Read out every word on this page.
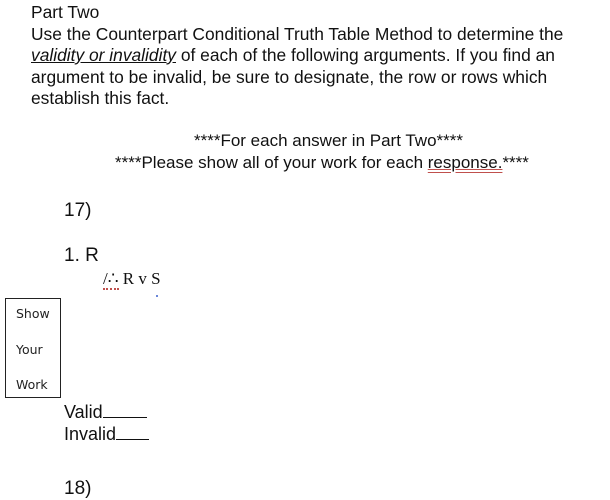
Part Two
Use the Counterpart Conditional Truth Table Method to determine the
validity or invalidity of each of the following arguments. If you find an
argument to be invalid, be sure to designate, the row or rows which
establish this fact.
****For each answer in Part Two****
****Please show all of your work for each response.****
17)
1. R
/∴ R v S
Show
Your
Work
Valid
Invalid
18)
